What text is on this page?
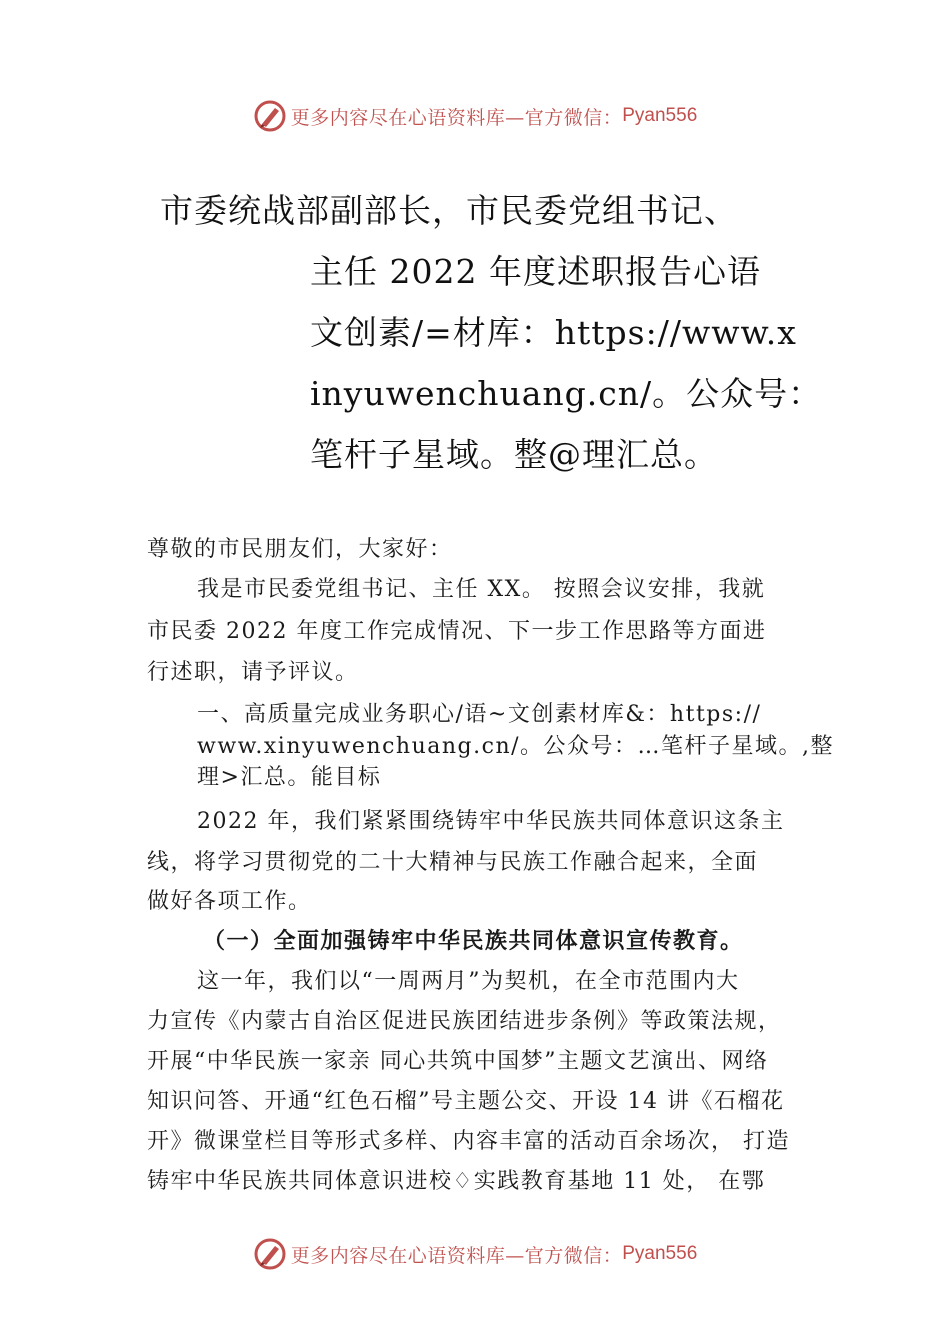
更多内容尽在心语资料库—官方微信： Pyan556
市委统战部副部长，市民委党组书记、
主任 2022 年度述职报告心语
文创素/=材库：https://www.x
inyuwenchuang.cn/。公众号：
笔杆子星域。整@理汇总。
尊敬的市民朋友们，大家好：
我是市民委党组书记、主任 XX。 按照会议安排，我就
市民委 2022 年度工作完成情况、下一步工作思路等方面进
行述职，请予评议。
一、高质量完成业务职心/语~文创素材库&：https://
www.xinyuwenchuang.cn/。公众号：…笔杆子星域。,整
理>汇总。能目标
2022 年，我们紧紧围绕铸牢中华民族共同体意识这条主
线，将学习贯彻党的二十大精神与民族工作融合起来，全面
做好各项工作。
（一）全面加强铸牢中华民族共同体意识宣传教育。
这一年，我们以“一周两月”为契机，在全市范围内大
力宣传《内蒙古自治区促进民族团结进步条例》等政策法规，
开展“中华民族一家亲 同心共筑中国梦”主题文艺演出、网络
知识问答、开通“红色石榴”号主题公交、开设 14 讲《石榴花
开》微课堂栏目等形式多样、内容丰富的活动百余场次， 打造
铸牢中华民族共同体意识进校♢实践教育基地 11 处， 在鄂
更多内容尽在心语资料库—官方微信： Pyan556
